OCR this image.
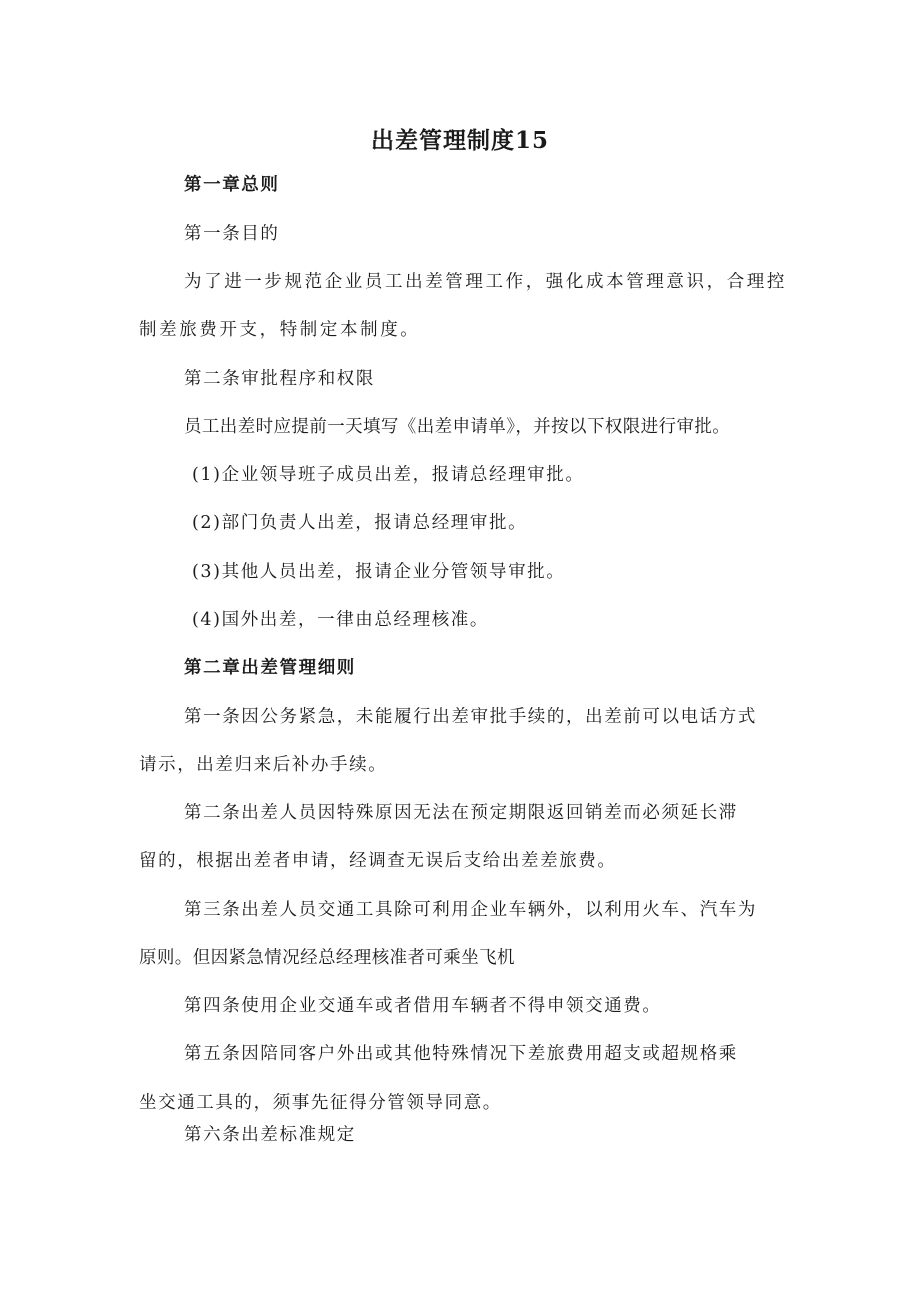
出差管理制度15
第一章总则
第一条目的
为了进一步规范企业员工出差管理工作，强化成本管理意识，合理控
制差旅费开支，特制定本制度。
第二条审批程序和权限
员工出差时应提前一天填写《出差申请单》，并按以下权限进行审批。
(1)企业领导班子成员出差，报请总经理审批。
(2)部门负责人出差，报请总经理审批。
(3)其他人员出差，报请企业分管领导审批。
(4)国外出差，一律由总经理核准。
第二章出差管理细则
第一条因公务紧急，未能履行出差审批手续的，出差前可以电话方式
请示，出差归来后补办手续。
第二条出差人员因特殊原因无法在预定期限返回销差而必须延长滞
留的，根据出差者申请，经调查无误后支给出差差旅费。
第三条出差人员交通工具除可利用企业车辆外，以利用火车、汽车为
原则。但因紧急情况经总经理核准者可乘坐飞机
第四条使用企业交通车或者借用车辆者不得申领交通费。
第五条因陪同客户外出或其他特殊情况下差旅费用超支或超规格乘
坐交通工具的，须事先征得分管领导同意。
第六条出差标准规定
